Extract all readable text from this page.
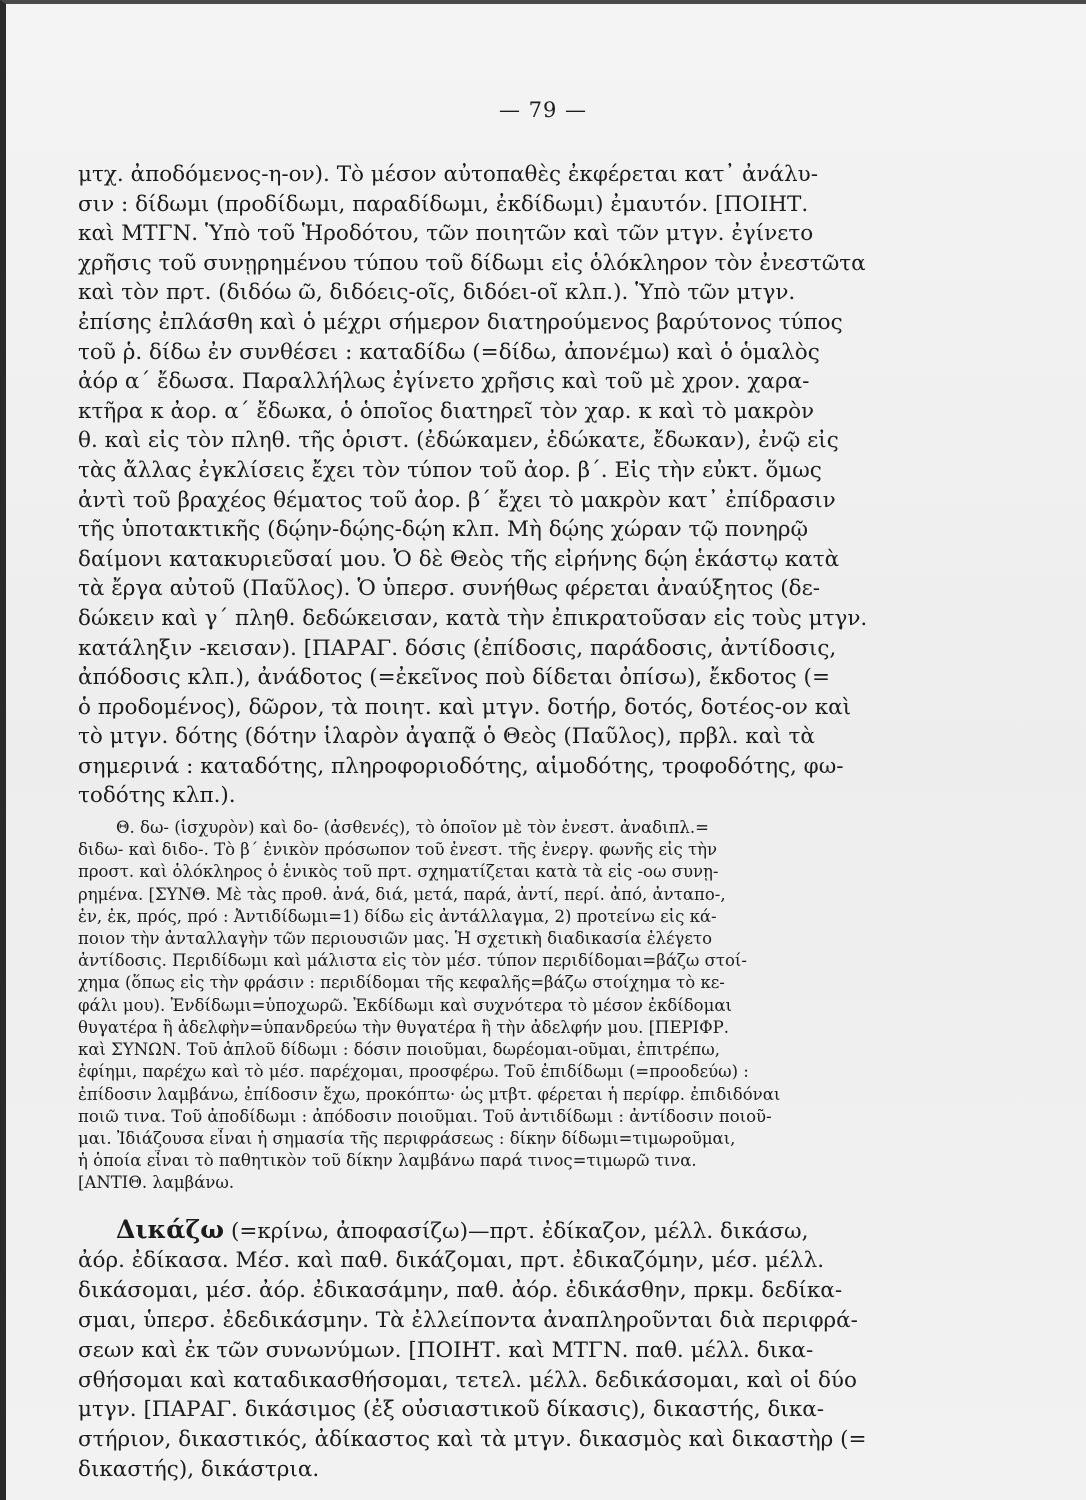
— 79 —
μτχ. ἀποδόμενος-η-ον). Τὸ μέσον αὐτοπαθὲς ἐκφέρεται κατ᾽ ἀνάλυ-
σιν : δίδωμι (προδίδωμι, παραδίδωμι, ἐκδίδωμι) ἐμαυτόν. [ΠΟΙΗΤ.
καὶ ΜΤΓΝ. Ὑπὸ τοῦ Ἡροδότου, τῶν ποιητῶν καὶ τῶν μτγν. ἐγίνετο
χρῆσις τοῦ συνῃρημένου τύπου τοῦ δίδωμι εἰς ὁλόκληρον τὸν ἐνεστῶτα
καὶ τὸν πρτ. (διδόω ῶ, διδόεις-οῖς, διδόει-οῖ κλπ.). Ὑπὸ τῶν μτγν.
ἐπίσης ἐπλάσθη καὶ ὁ μέχρι σήμερον διατηρούμενος βαρύτονος τύπος
τοῦ ῥ. δίδω ἐν συνθέσει : καταδίδω (=δίδω, ἀπονέμω) καὶ ὁ ὁμαλὸς
ἀόρ α΄ ἔδωσα. Παραλλήλως ἐγίνετο χρῆσις καὶ τοῦ μὲ χρον. χαρα-
κτῆρα κ ἀορ. α΄ ἔδωκα, ὁ ὁποῖος διατηρεῖ τὸν χαρ. κ καὶ τὸ μακρὸν
θ. καὶ εἰς τὸν πληθ. τῆς ὁριστ. (ἐδώκαμεν, ἐδώκατε, ἔδωκαν), ἐνῷ εἰς
τὰς ἄλλας ἐγκλίσεις ἔχει τὸν τύπον τοῦ ἀορ. β΄. Εἰς τὴν εὐκτ. ὅμως
ἀντὶ τοῦ βραχέος θέματος τοῦ ἀορ. β΄ ἔχει τὸ μακρὸν κατ᾽ ἐπίδρασιν
τῆς ὑποτακτικῆς (δῴην-δῴης-δῴη κλπ. Μὴ δῴης χώραν τῷ πονηρῷ
δαίμονι κατακυριεῦσαί μου. Ὁ δὲ Θεὸς τῆς εἰρήνης δῴη ἑκάστῳ κατὰ
τὰ ἔργα αὐτοῦ (Παῦλος). Ὁ ὑπερσ. συνήθως φέρεται ἀναύξητος (δε-
δώκειν καὶ γ΄ πληθ. δεδώκεισαν, κατὰ τὴν ἐπικρατοῦσαν εἰς τοὺς μτγν.
κατάληξιν -κεισαν). [ΠΑΡΑΓ. δόσις (ἐπίδοσις, παράδοσις, ἀντίδοσις,
ἀπόδοσις κλπ.), ἀνάδοτος (=ἐκεῖνος ποὺ δίδεται ὀπίσω), ἔκδοτος (=
ὁ προδομένος), δῶρον, τὰ ποιητ. καὶ μτγν. δοτήρ, δοτός, δοτέος-ον καὶ
τὸ μτγν. δότης (δότην ἱλαρὸν ἀγαπᾷ ὁ Θεὸς (Παῦλος), πρβλ. καὶ τὰ
σημερινά : καταδότης, πληροφοριοδότης, αἱμοδότης, τροφοδότης, φω-
τοδότης κλπ.).
Θ. δω- (ἰσχυρὸν) καὶ δο- (ἀσθενές), τὸ ὁποῖον μὲ τὸν ἐνεστ. ἀναδιπλ.=
διδω- καὶ διδο-. Τὸ β΄ ἑνικὸν πρόσωπον τοῦ ἐνεστ. τῆς ἐνεργ. φωνῆς εἰς τὴν
προστ. καὶ ὁλόκληρος ὁ ἑνικὸς τοῦ πρτ. σχηματίζεται κατὰ τὰ εἰς -οω συνῃ-
ρημένα. [ΣΥΝΘ. Μὲ τὰς προθ. ἀνά, διά, μετά, παρά, ἀντί, περί. ἀπό, ἀνταπο-,
ἐν, ἐκ, πρός, πρό : Ἀντιδίδωμι=1) δίδω εἰς ἀντάλλαγμα, 2) προτείνω εἰς κά-
ποιον τὴν ἀνταλλαγὴν τῶν περιουσιῶν μας. Ἡ σχετικὴ διαδικασία ἐλέγετο
ἀντίδοσις. Περιδίδωμι καὶ μάλιστα εἰς τὸν μέσ. τύπον περιδίδομαι=βάζω στοί-
χημα (ὅπως εἰς τὴν φράσιν : περιδίδομαι τῆς κεφαλῆς=βάζω στοίχημα τὸ κε-
φάλι μου). Ἐνδίδωμι=ὑποχωρῶ. Ἐκδίδωμι καὶ συχνότερα τὸ μέσον ἐκδίδομαι
θυγατέρα ἢ ἀδελφὴν=ὑπανδρεύω τὴν θυγατέρα ἢ τὴν ἀδελφήν μου. [ΠΕΡΙΦΡ.
καὶ ΣΥΝΩΝ. Τοῦ ἁπλοῦ δίδωμι : δόσιν ποιοῦμαι, δωρέομαι-οῦμαι, ἐπιτρέπω,
ἐφίημι, παρέχω καὶ τὸ μέσ. παρέχομαι, προσφέρω. Τοῦ ἐπιδίδωμι (=προοδεύω) :
ἐπίδοσιν λαμβάνω, ἐπίδοσιν ἔχω, προκόπτω· ὡς μτβτ. φέρεται ἡ περίφρ. ἐπιδιδόναι
ποιῶ τινα. Τοῦ ἀποδίδωμι : ἀπόδοσιν ποιοῦμαι. Τοῦ ἀντιδίδωμι : ἀντίδοσιν ποιοῦ-
μαι. Ἰδιάζουσα εἶναι ἡ σημασία τῆς περιφράσεως : δίκην δίδωμι=τιμωροῦμαι,
ἡ ὁποία εἶναι τὸ παθητικὸν τοῦ δίκην λαμβάνω παρά τινος=τιμωρῶ τινα.
[ΑΝΤΙΘ. λαμβάνω.
Δικάζω (=κρίνω, ἀποφασίζω)—πρτ. ἐδίκαζον, μέλλ. δικάσω,
ἀόρ. ἐδίκασα. Μέσ. καὶ παθ. δικάζομαι, πρτ. ἐδικαζόμην, μέσ. μέλλ.
δικάσομαι, μέσ. ἀόρ. ἐδικασάμην, παθ. ἀόρ. ἐδικάσθην, πρκμ. δεδίκα-
σμαι, ὑπερσ. ἐδεδικάσμην. Τὰ ἐλλείποντα ἀναπληροῦνται διὰ περιφρά-
σεων καὶ ἐκ τῶν συνωνύμων. [ΠΟΙΗΤ. καὶ ΜΤΓΝ. παθ. μέλλ. δικα-
σθήσομαι καὶ καταδικασθήσομαι, τετελ. μέλλ. δεδικάσομαι, καὶ οἱ δύο
μτγν. [ΠΑΡΑΓ. δικάσιμος (ἐξ οὐσιαστικοῦ δίκασις), δικαστής, δικα-
στήριον, δικαστικός, ἀδίκαστος καὶ τὰ μτγν. δικασμὸς καὶ δικαστὴρ (=
δικαστής), δικάστρια.
